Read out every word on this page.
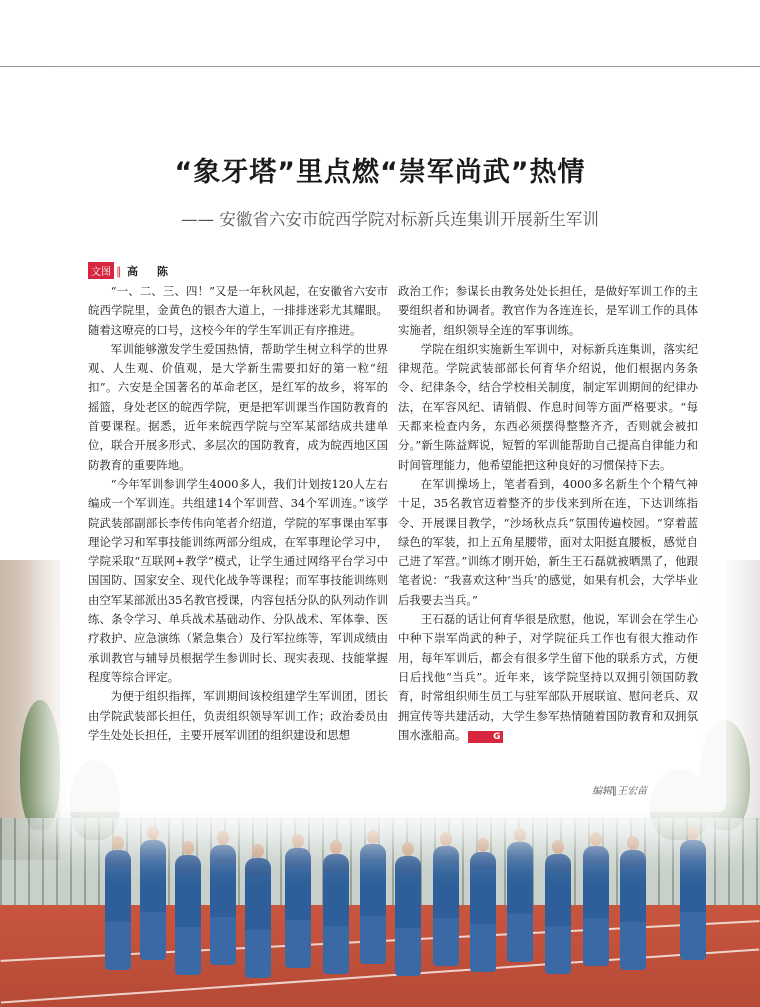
“象牙塔”里点燃“崇军尚武”热情
—— 安徽省六安市皖西学院对标新兵连集训开展新生军训
文图 ∥ 高　陈

“一、二、三、四！”又是一年秋风起，在安徽省六安市皖西学院里，金黄色的银杏大道上，一排排迷彩尤其耀眼。随着这嘹亮的口号，这校今年的学生军训正有序推进。

军训能够激发学生爱国热情，帮助学生树立科学的世界观、人生观、价值观，是大学新生需要扣好的第一粒“纽扣”。六安是全国著名的革命老区，是红军的故乡，将军的摇篮，身处老区的皖西学院，更是把军训课当作国防教育的首要课程。据悉，近年来皖西学院与空军某部结成共建单位，联合开展多形式、多层次的国防教育，成为皖西地区国防教育的重要阵地。

“今年军训参训学生4000多人，我们计划按120人左右编成一个军训连。共组建14个军训营、34个军训连。”该学院武装部副部长李传伟向笔者介绍道，学院的军事课由军事理论学习和军事技能训练两部分组成，在军事理论学习中，学院采取“互联网+教学”模式，让学生通过网络平台学习中国国防、国家安全、现代化战争等课程；而军事技能训练则由空军某部派出35名教官授课，内容包括分队的队列动作训练、条令学习、单兵战术基础动作、分队战术、军体拳、医疗救护、应急演练（紧急集合）及行军拉练等，军训成绩由承训教官与辅导员根据学生参训时长、现实表现、技能掌握程度等综合评定。

为便于组织指挥，军训期间该校组建学生军训团，团长由学院武装部长担任，负责组织领导军训工作；政治委员由学生处处长担任，主要开展军训团的组织建设和思想

政治工作；参谋长由教务处处长担任，是做好军训工作的主要组织者和协调者。教官作为各连连长，是军训工作的具体实施者，组织领导全连的军事训练。

学院在组织实施新生军训中，对标新兵连集训，落实纪律规范。学院武装部部长何育华介绍说，他们根据内务条令、纪律条令，结合学校相关制度，制定军训期间的纪律办法，在军容风纪、请销假、作息时间等方面严格要求。“每天都来检查内务，东西必须摆得整整齐齐，否则就会被扣分。”新生陈益辉说，短暂的军训能帮助自己提高自律能力和时间管理能力，他希望能把这种良好的习惯保持下去。

在军训操场上，笔者看到，4000多名新生个个精气神十足，35名教官迈着整齐的步伐来到所在连，下达训练指令、开展课目教学，“沙场秋点兵”氛围传遍校园。“穿着蓝绿色的军装，扣上五角星腰带，面对太阳挺直腰板，感觉自己进了军营。”训练才刚开始，新生王石磊就被晒黑了，他跟笔者说：“我喜欢这种‘当兵’的感觉，如果有机会，大学毕业后我要去当兵。”

王石磊的话让何育华很是欣慰，他说，军训会在学生心中种下崇军尚武的种子，对学院征兵工作也有很大推动作用，每年军训后，都会有很多学生留下他的联系方式，方便日后找他“当兵”。近年来，该学院坚持以双拥引领国防教育，时常组织师生员工与驻军部队开展联谊、慰问老兵、双拥宣传等共建活动，大学生参军热情随着国防教育和双拥氛围水涨船高。	G

编辑∥王宏苗
